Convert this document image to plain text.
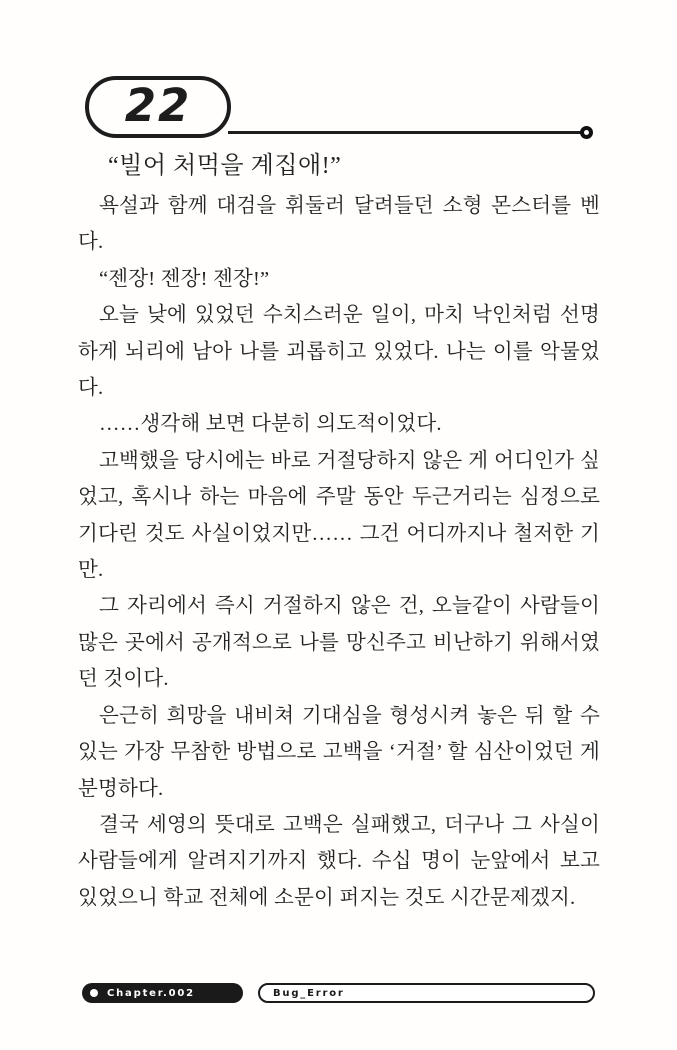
22

“빌어 처먹을 계집애!”

욕설과 함께 대검을 휘둘러 달려들던 소형 몬스터를 벤다.

“젠장! 젠장! 젠장!”

오늘 낮에 있었던 수치스러운 일이, 마치 낙인처럼 선명하게 뇌리에 남아 나를 괴롭히고 있었다. 나는 이를 악물었다.

……생각해 보면 다분히 의도적이었다.

고백했을 당시에는 바로 거절당하지 않은 게 어디인가 싶었고, 혹시나 하는 마음에 주말 동안 두근거리는 심정으로 기다린 것도 사실이었지만…… 그건 어디까지나 철저한 기만.

그 자리에서 즉시 거절하지 않은 건, 오늘같이 사람들이 많은 곳에서 공개적으로 나를 망신주고 비난하기 위해서였던 것이다.

은근히 희망을 내비쳐 기대심을 형성시켜 놓은 뒤 할 수 있는 가장 무참한 방법으로 고백을 ‘거절’ 할 심산이었던 게 분명하다.

결국 세영의 뜻대로 고백은 실패했고, 더구나 그 사실이 사람들에게 알려지기까지 했다. 수십 명이 눈앞에서 보고 있었으니 학교 전체에 소문이 퍼지는 것도 시간문제겠지.

Chapter.002	Bug_Error
